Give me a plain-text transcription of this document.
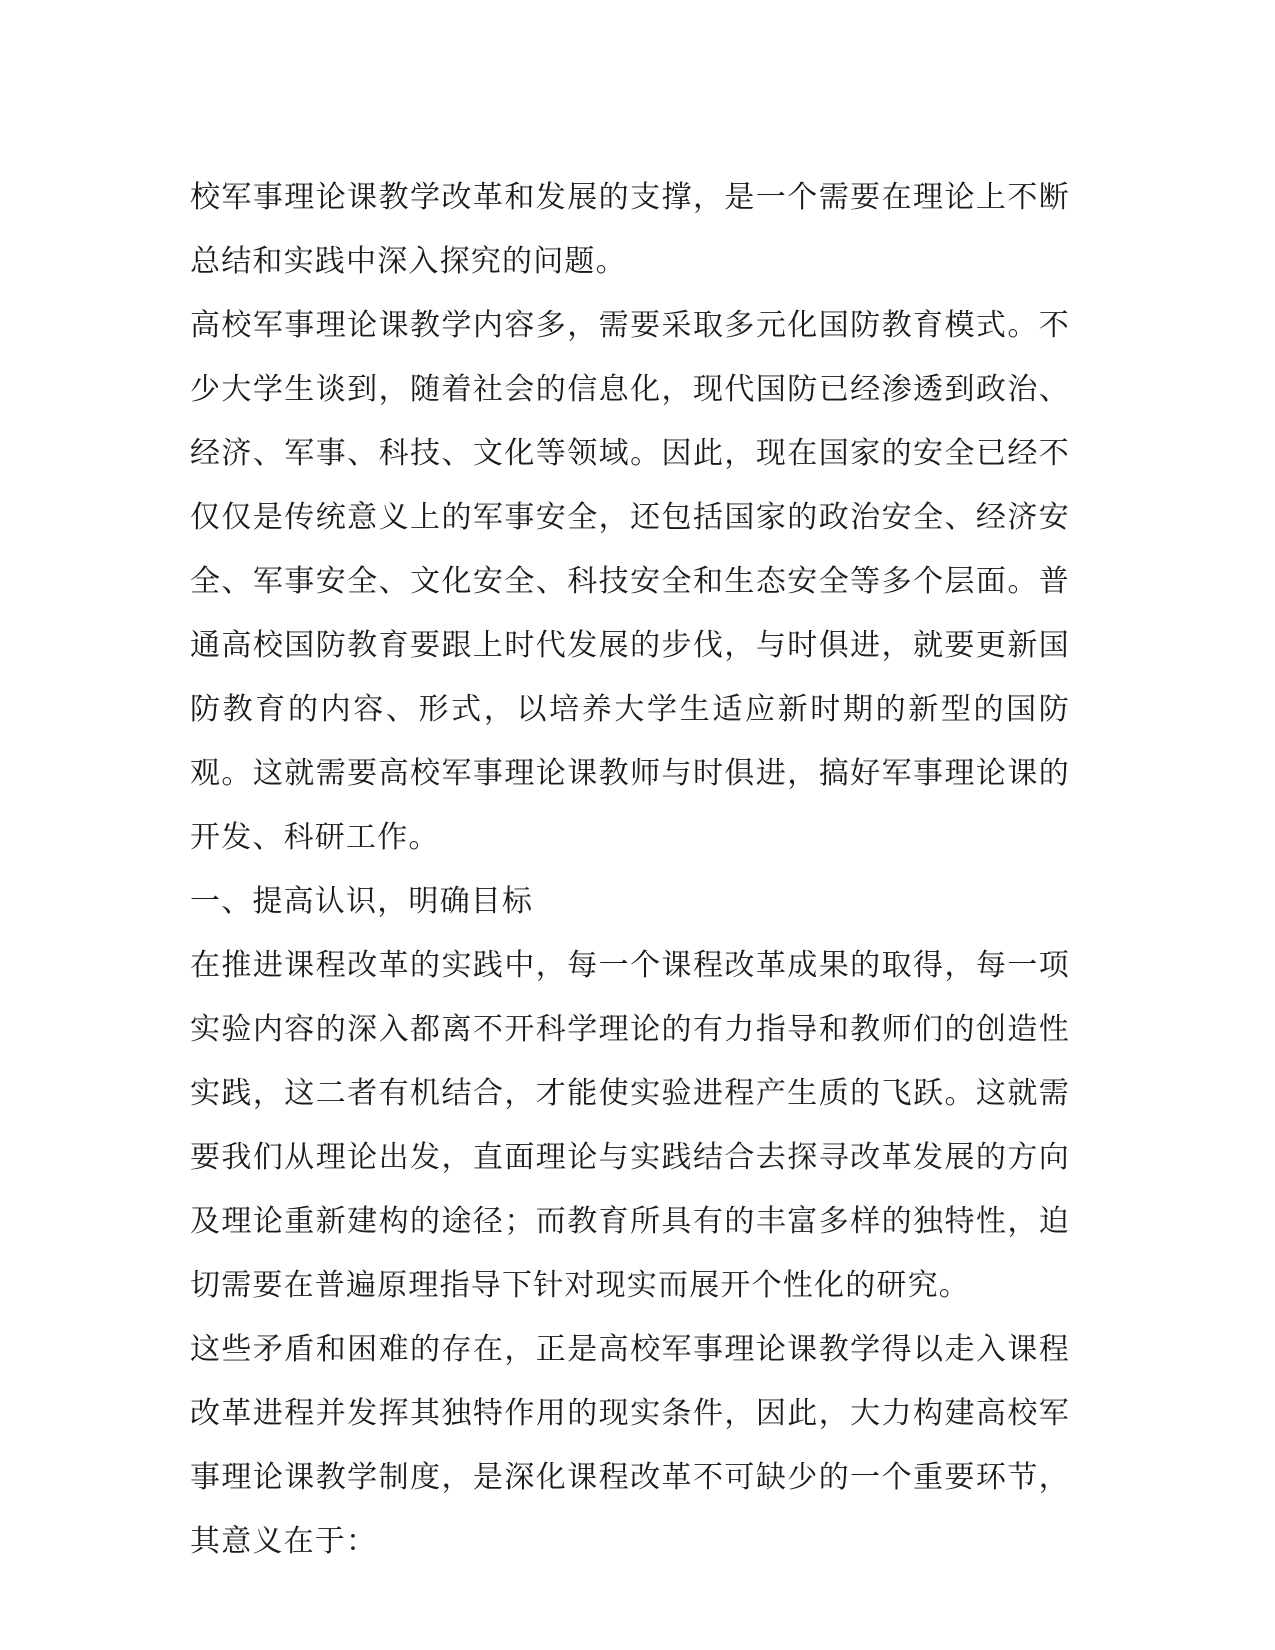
校军事理论课教学改革和发展的支撑，是一个需要在理论上不断总结和实践中深入探究的问题。

高校军事理论课教学内容多，需要采取多元化国防教育模式。不少大学生谈到，随着社会的信息化，现代国防已经渗透到政治、经济、军事、科技、文化等领域。因此，现在国家的安全已经不仅仅是传统意义上的军事安全，还包括国家的政治安全、经济安全、军事安全、文化安全、科技安全和生态安全等多个层面。普通高校国防教育要跟上时代发展的步伐，与时俱进，就要更新国防教育的内容、形式，以培养大学生适应新时期的新型的国防观。这就需要高校军事理论课教师与时俱进，搞好军事理论课的开发、科研工作。

一、提高认识，明确目标

在推进课程改革的实践中，每一个课程改革成果的取得，每一项实验内容的深入都离不开科学理论的有力指导和教师们的创造性实践，这二者有机结合，才能使实验进程产生质的飞跃。这就需要我们从理论出发，直面理论与实践结合去探寻改革发展的方向及理论重新建构的途径；而教育所具有的丰富多样的独特性，迫切需要在普遍原理指导下针对现实而展开个性化的研究。

这些矛盾和困难的存在，正是高校军事理论课教学得以走入课程改革进程并发挥其独特作用的现实条件，因此，大力构建高校军事理论课教学制度，是深化课程改革不可缺少的一个重要环节，其意义在于：
